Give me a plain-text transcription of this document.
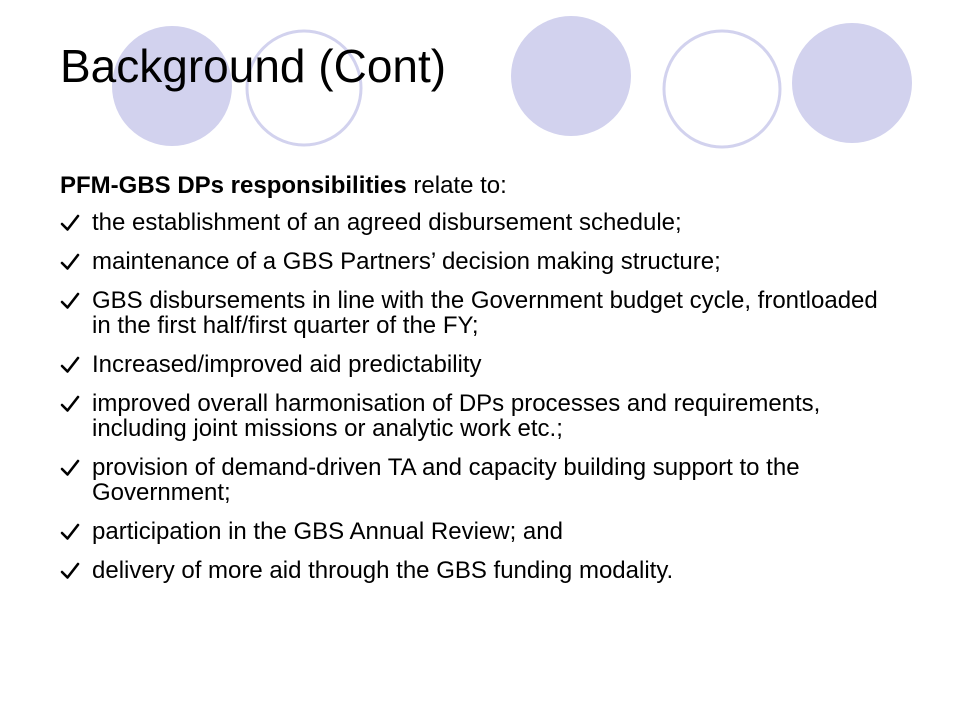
Background (Cont)
PFM-GBS DPs responsibilities relate to:
the establishment of an agreed disbursement schedule;
maintenance of a GBS Partners’ decision making structure;
GBS disbursements in line with the Government budget cycle, frontloaded in the first half/first quarter of the FY;
Increased/improved aid predictability
improved overall harmonisation of DPs processes and requirements, including joint missions or analytic work etc.;
provision of demand-driven TA and capacity building support to the Government;
participation in the GBS Annual Review; and
delivery of more aid through the GBS funding modality.
